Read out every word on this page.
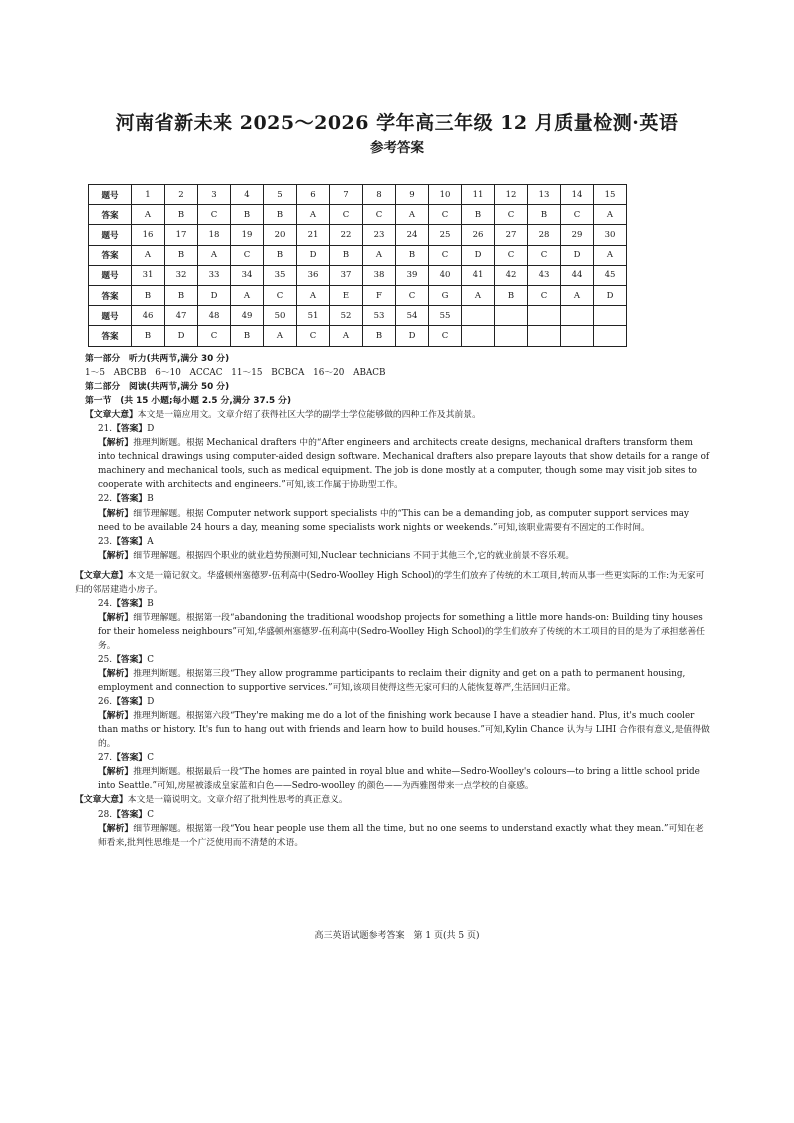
河南省新未来 2025～2026 学年高三年级 12 月质量检测·英语
参考答案
题号	1	2	3	4	5	6	7	8	9	10	11	12	13	14	15
答案	A	B	C	B	B	A	C	C	A	C	B	C	B	C	A
题号	16	17	18	19	20	21	22	23	24	25	26	27	28	29	30
答案	A	B	A	C	B	D	B	A	B	C	D	C	C	D	A
题号	31	32	33	34	35	36	37	38	39	40	41	42	43	44	45
答案	B	B	D	A	C	A	E	F	C	G	A	B	C	A	D
题号	46	47	48	49	50	51	52	53	54	55					
答案	B	D	C	B	A	C	A	B	D	C					

第一部分　听力(共两节,满分 30 分)

1～5　ABCBB　6～10　ACCAC　11～15　BCBCA　16～20　ABACB

第二部分　阅读(共两节,满分 50 分)

第一节　(共 15 小题;每小题 2.5 分,满分 37.5 分)

【文章大意】本文是一篇应用文。文章介绍了获得社区大学的副学士学位能够做的四种工作及其前景。

21.【答案】D

【解析】推理判断题。根据 Mechanical drafters 中的“After engineers and architects create designs, mechanical drafters transform them into technical drawings using computer-aided design software. Mechanical drafters also prepare layouts that show details for a range of machinery and mechanical tools, such as medical equipment. The job is done mostly at a computer, though some may visit job sites to cooperate with architects and engineers.”可知,该工作属于协助型工作。

22.【答案】B

【解析】细节理解题。根据 Computer network support specialists 中的“This can be a demanding job, as computer support services may need to be available 24 hours a day, meaning some specialists work nights or weekends.”可知,该职业需要有不固定的工作时间。

23.【答案】A

【解析】细节理解题。根据四个职业的就业趋势预测可知,Nuclear technicians 不同于其他三个,它的就业前景不容乐观。

【文章大意】本文是一篇记叙文。华盛顿州塞德罗-伍利高中(Sedro-Woolley High School)的学生们放弃了传统的木工项目,转而从事一些更实际的工作:为无家可归的邻居建造小房子。

24.【答案】B

【解析】细节理解题。根据第一段“abandoning the traditional woodshop projects for something a little more hands-on: Building tiny houses for their homeless neighbours”可知,华盛顿州塞德罗-伍利高中(Sedro-Woolley High School)的学生们放弃了传统的木工项目的目的是为了承担慈善任务。

25.【答案】C

【解析】推理判断题。根据第三段“They allow programme participants to reclaim their dignity and get on a path to permanent housing, employment and connection to supportive services.”可知,该项目使得这些无家可归的人能恢复尊严,生活回归正常。

26.【答案】D

【解析】推理判断题。根据第六段“They're making me do a lot of the finishing work because I have a steadier hand. Plus, it's much cooler than maths or history. It's fun to hang out with friends and learn how to build houses.”可知,Kylin Chance 认为与 LIHI 合作很有意义,是值得做的。

27.【答案】C

【解析】推理判断题。根据最后一段“The homes are painted in royal blue and white—Sedro-Woolley's colours—to bring a little school pride into Seattle.”可知,房屋被漆成皇家蓝和白色——Sedro-woolley 的颜色——为西雅图带来一点学校的自豪感。

【文章大意】本文是一篇说明文。文章介绍了批判性思考的真正意义。

28.【答案】C

【解析】细节理解题。根据第一段“You hear people use them all the time, but no one seems to understand exactly what they mean.”可知在老师看来,批判性思维是一个广泛使用而不清楚的术语。

高三英语试题参考答案　第 1 页(共 5 页)
